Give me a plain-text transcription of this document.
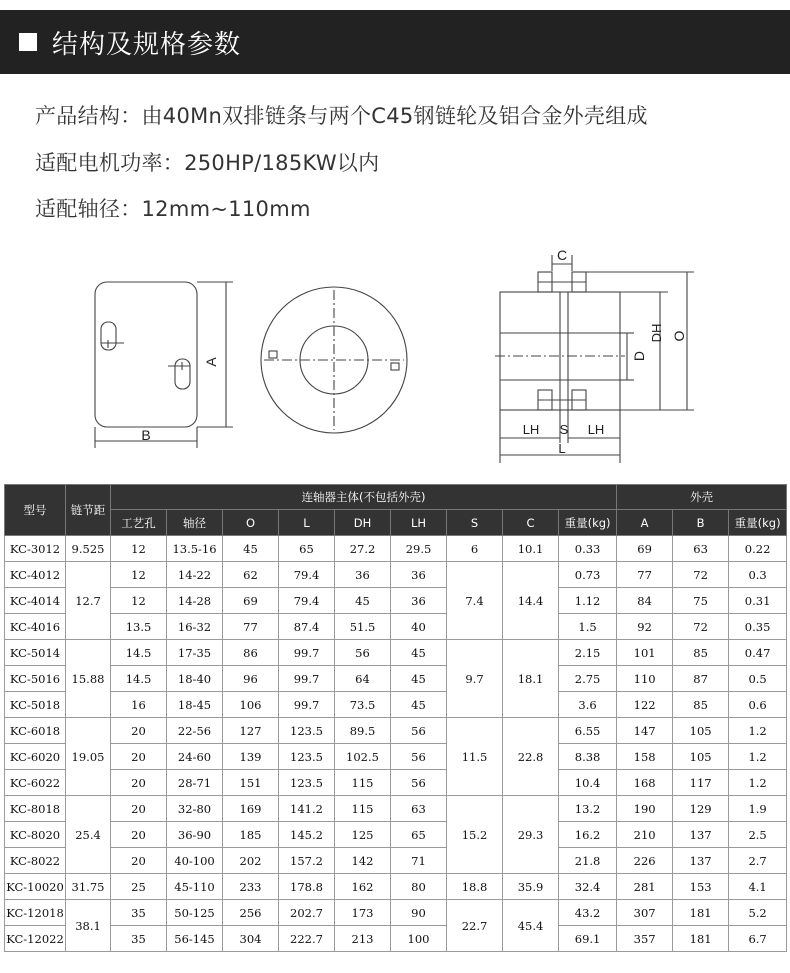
结构及规格参数
产品结构：由40Mn双排链条与两个C45钢链轮及铝合金外壳组成
适配电机功率：250HP/185KW以内
适配轴径：12mm~110mm
A
B
C
D
DH O
LH S LH
L
型号	链节距	连轴器主体(不包括外壳)									外壳		
		工艺孔	轴径	O	L	DH	LH	S	C	重量(kg)	A	B	重量(kg)
KC-3012	9.525	12	13.5-16	45	65	27.2	29.5	6	10.1	0.33	69	63	0.22
KC-4012	12.7	12	14-22	62	79.4	36	36	7.4	14.4	0.73	77	72	0.3
KC-4014		12	14-28	69	79.4	45	36			1.12	84	75	0.31
KC-4016		13.5	16-32	77	87.4	51.5	40			1.5	92	72	0.35
KC-5014	15.88	14.5	17-35	86	99.7	56	45	9.7	18.1	2.15	101	85	0.47
KC-5016		14.5	18-40	96	99.7	64	45			2.75	110	87	0.5
KC-5018		16	18-45	106	99.7	73.5	45			3.6	122	85	0.6
KC-6018	19.05	20	22-56	127	123.5	89.5	56	11.5	22.8	6.55	147	105	1.2
KC-6020		20	24-60	139	123.5	102.5	56			8.38	158	105	1.2
KC-6022		20	28-71	151	123.5	115	56			10.4	168	117	1.2
KC-8018	25.4	20	32-80	169	141.2	115	63	15.2	29.3	13.2	190	129	1.9
KC-8020		20	36-90	185	145.2	125	65			16.2	210	137	2.5
KC-8022		20	40-100	202	157.2	142	71			21.8	226	137	2.7
KC-10020	31.75	25	45-110	233	178.8	162	80	18.8	35.9	32.4	281	153	4.1
KC-12018	38.1	35	50-125	256	202.7	173	90	22.7	45.4	43.2	307	181	5.2
KC-12022		35	56-145	304	222.7	213	100			69.1	357	181	6.7
